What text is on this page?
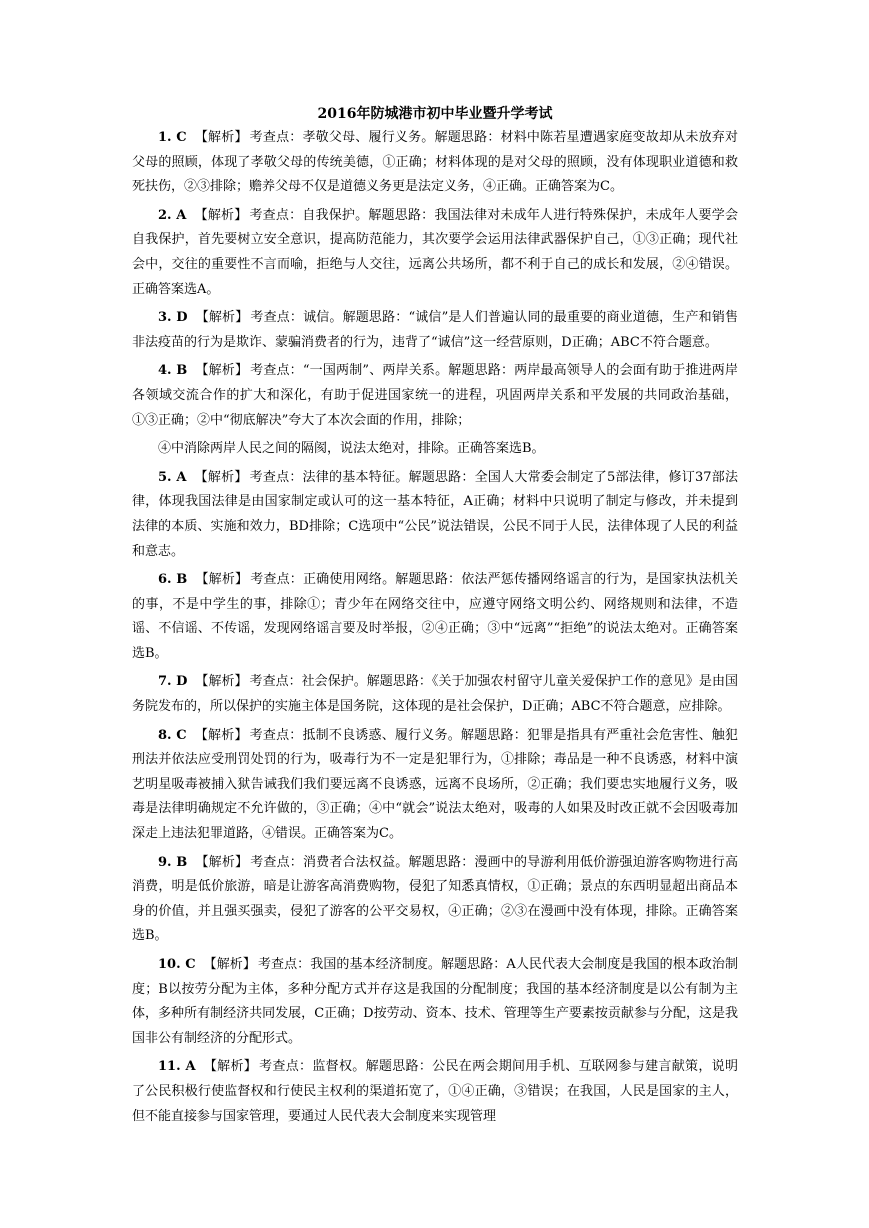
2016年防城港市初中毕业暨升学考试

1. C 【解析】 考查点：孝敬父母、履行义务。解题思路：材料中陈若星遭遇家庭变故却从未放弃对父母的照顾，体现了孝敬父母的传统美德，①正确；材料体现的是对父母的照顾，没有体现职业道德和救死扶伤，②③排除；赡养父母不仅是道德义务更是法定义务，④正确。正确答案为C。

2. A 【解析】 考查点：自我保护。解题思路：我国法律对未成年人进行特殊保护，未成年人要学会自我保护，首先要树立安全意识，提高防范能力，其次要学会运用法律武器保护自己，①③正确；现代社会中，交往的重要性不言而喻，拒绝与人交往，远离公共场所，都不利于自己的成长和发展，②④错误。正确答案选A。

3. D 【解析】 考查点：诚信。解题思路：“诚信”是人们普遍认同的最重要的商业道德，生产和销售非法疫苗的行为是欺诈、蒙骗消费者的行为，违背了“诚信”这一经营原则，D正确；ABC不符合题意。

4. B 【解析】 考查点：“一国两制”、两岸关系。解题思路：两岸最高领导人的会面有助于推进两岸各领域交流合作的扩大和深化，有助于促进国家统一的进程，巩固两岸关系和平发展的共同政治基础，①③正确；②中“彻底解决”夸大了本次会面的作用，排除；

④中消除两岸人民之间的隔阂，说法太绝对，排除。正确答案选B。

5. A 【解析】 考查点：法律的基本特征。解题思路：全国人大常委会制定了5部法律，修订37部法律，体现我国法律是由国家制定或认可的这一基本特征，A正确；材料中只说明了制定与修改，并未提到法律的本质、实施和效力，BD排除；C选项中“公民”说法错误，公民不同于人民，法律体现了人民的利益和意志。

6. B 【解析】 考查点：正确使用网络。解题思路：依法严惩传播网络谣言的行为，是国家执法机关的事，不是中学生的事，排除①；青少年在网络交往中，应遵守网络文明公约、网络规则和法律，不造谣、不信谣、不传谣，发现网络谣言要及时举报，②④正确；③中“远离”“拒绝”的说法太绝对。正确答案选B。

7. D 【解析】 考查点：社会保护。解题思路：《关于加强农村留守儿童关爱保护工作的意见》是由国务院发布的，所以保护的实施主体是国务院，这体现的是社会保护，D正确；ABC不符合题意，应排除。

8. C 【解析】 考查点：抵制不良诱惑、履行义务。解题思路：犯罪是指具有严重社会危害性、触犯刑法并依法应受刑罚处罚的行为，吸毒行为不一定是犯罪行为，①排除；毒品是一种不良诱惑，材料中演艺明星吸毒被捕入狱告诫我们我们要远离不良诱惑，远离不良场所，②正确；我们要忠实地履行义务，吸毒是法律明确规定不允许做的，③正确；④中“就会”说法太绝对，吸毒的人如果及时改正就不会因吸毒加深走上违法犯罪道路，④错误。正确答案为C。

9. B 【解析】 考查点：消费者合法权益。解题思路：漫画中的导游利用低价游强迫游客购物进行高消费，明是低价旅游，暗是让游客高消费购物，侵犯了知悉真情权，①正确；景点的东西明显超出商品本身的价值，并且强买强卖，侵犯了游客的公平交易权，④正确；②③在漫画中没有体现，排除。正确答案选B。

10. C 【解析】 考查点：我国的基本经济制度。解题思路：A人民代表大会制度是我国的根本政治制度；B以按劳分配为主体，多种分配方式并存这是我国的分配制度；我国的基本经济制度是以公有制为主体，多种所有制经济共同发展，C正确；D按劳动、资本、技术、管理等生产要素按贡献参与分配，这是我国非公有制经济的分配形式。

11. A 【解析】 考查点：监督权。解题思路：公民在两会期间用手机、互联网参与建言献策，说明了公民积极行使监督权和行使民主权利的渠道拓宽了，①④正确，③错误；在我国，人民是国家的主人，但不能直接参与国家管理，要通过人民代表大会制度来实现管理
